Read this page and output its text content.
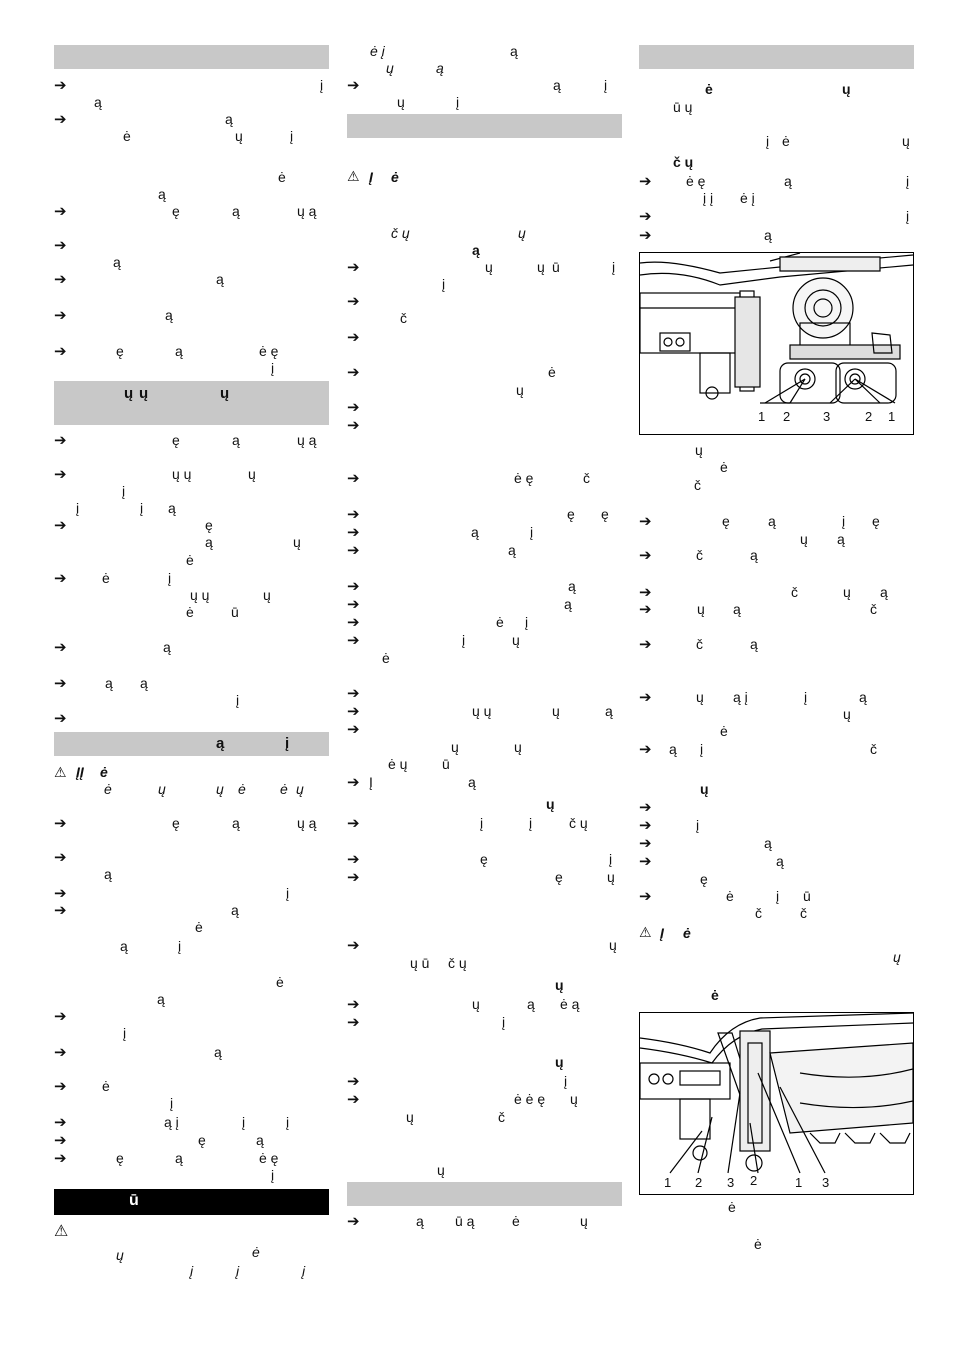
➔	į
ą
➔	ą
ė	ų	į
ė
ą
➔	ę	ą	ų ą
➔
ą
➔	ą
➔	ą
➔	ę	ą	ė ę
į
ų ų	ų
➔	ę	ą	ų ą
➔	ų ų	ų
į
į	į ą
➔	ę
ą	ų
ė
➔	ė	į
ų ų	ų
ė	ū
➔	ą
➔	ą ą
į
➔
ą	į
⚠ ĮĮ ė
ė	ų	ų ė ė ų
➔	ę	ą	ų ą
➔
ą
➔	į
➔	ą
ė
ą	į
ė
ą
➔
į
➔	ą
➔	ė
į
➔	ą į	į	į
➔	ę	ą
➔	ę	ą	ė ę
į
ū
⚠
ė
ų
į	į	į
ė į	ą
ų	ą
➔	ą	į
ų	į
⚠ Į ė
č ų	ų
ą
➔	ų	ų ū	į
į
➔
č
➔
➔	ė
ų
➔
➔
➔	ė ę	č
➔	ę ę
➔	ą	į
➔	ą
➔	ą
➔	ą
➔	ė į
➔	į	ų
ė
➔
➔	ų ų	ų	ą
➔
ų	ų
ė ų ū
➔ Į	ą
ų
➔	į	į	č ų
➔	ę	į
➔	ę	ų
➔	ų
ų ū č ų
ų
➔	ų	ą ė ą
➔	į
ų
➔	į
➔	ė ė ę ų
ų	č
ų
➔	ą ū ą	ė	ų
ė	ų
ū ų
į ė	ų
č ų
➔ ė ę	ą	į
į į ė į
➔	į
➔	ą
1 2	3	2 1
ų
ė
č
➔	ę	ą	į ę
ų ą
➔	č	ą
➔	č	ų ą
➔	ų ą	č
➔	č	ą
➔	ų ą į	į	ą
ų
ė
➔ ą į	č
ų
➔
➔	į
➔	ą
➔	ą
ę
➔	ė	į ū
č	č
⚠ Į ė
ų
ė
1 2 3 2	1 3
ė
ė
